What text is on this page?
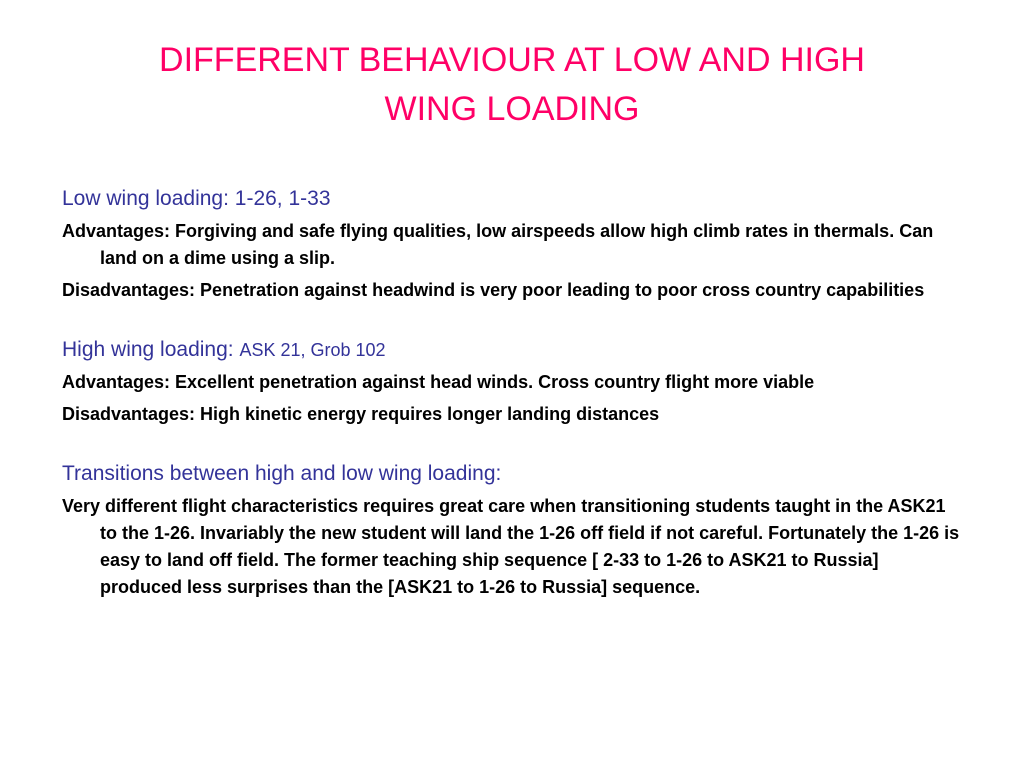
DIFFERENT BEHAVIOUR AT LOW AND HIGH
WING LOADING
Low wing loading: 1-26, 1-33

Advantages: Forgiving and safe flying qualities, low airspeeds allow high climb rates in thermals. Can land on a dime using a slip.

Disadvantages: Penetration against headwind is very poor leading to poor cross country capabilities

High wing loading: ASK 21, Grob 102

Advantages: Excellent penetration against head winds. Cross country flight more viable

Disadvantages: High kinetic energy requires longer landing distances

Transitions between high and low wing loading:

Very different flight characteristics requires great care when transitioning students taught in the ASK21 to the 1-26. Invariably the new student will land the 1-26 off field if not careful. Fortunately the 1-26 is easy to land off field. The former teaching ship sequence [ 2-33 to 1-26 to ASK21 to Russia] produced less surprises than the [ASK21 to 1-26 to Russia] sequence.
